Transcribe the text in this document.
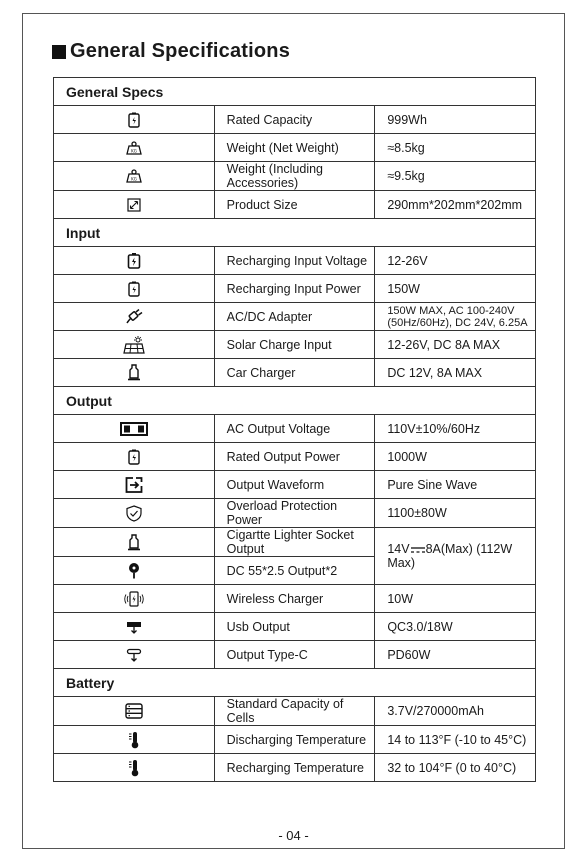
General Specifications
General Specs		

	Rated Capacity	999Wh

KG	Weight (Net Weight)	≈8.5kg

KG	Weight (Including Accessories)	≈9.5kg

	Product Size	290mm*202mm*202mm
Input		

	Recharging Input Voltage	12-26V

	Recharging Input Power	150W

	AC/DC Adapter	150W MAX, AC 100-240V (50Hz/60Hz), DC 24V, 6.25A

	Solar Charge Input	12-26V, DC 8A MAX

	Car Charger	DC 12V, 8A MAX
Output		

	AC Output Voltage	110V±10%/60Hz

	Rated Output Power	1000W

	Output Waveform	Pure Sine Wave

	Overload Protection Power	1100±80W

	Cigartte Lighter Socket Output	14V 8A(Max) (112W Max)

	DC 55*2.5 Output*2	

	Wireless Charger	10W

	Usb Output	QC3.0/18W

	Output Type-C	PD60W
Battery		

	Standard Capacity of Cells	3.7V/270000mAh

	Discharging Temperature	14 to 113°F (-10 to 45°C)

	Recharging Temperature	32 to 104°F (0 to 40°C)
- 04 -
